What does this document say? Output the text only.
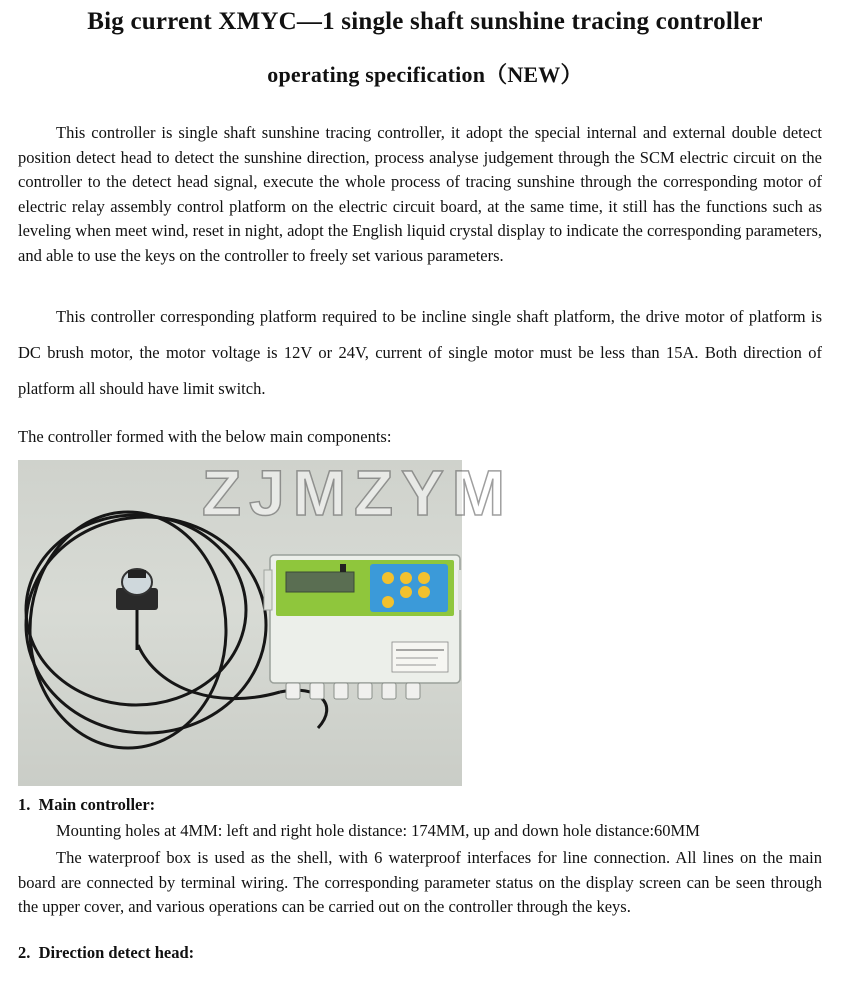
Big current XMYC—1 single shaft sunshine tracing controller
operating specification（NEW）

This controller is single shaft sunshine tracing controller, it adopt the special internal and external double detect position detect head to detect the sunshine direction, process analyse judgement through the SCM electric circuit on the controller to the detect head signal, execute the whole process of tracing sunshine through the corresponding motor of electric relay assembly control platform on the electric circuit board, at the same time, it still has the functions such as leveling when meet wind, reset in night, adopt the English liquid crystal display to indicate the corresponding parameters, and able to use the keys on the controller to freely set various parameters.

This controller corresponding platform required to be incline single shaft platform, the drive motor of platform is DC brush motor, the motor voltage is 12V or 24V, current of single motor must be less than 15A. Both direction of platform all should have limit switch.

The controller formed with the below main components:

ZJMZYM

1. Main controller:

Mounting holes at 4MM: left and right hole distance: 174MM, up and down hole distance:60MM

The waterproof box is used as the shell, with 6 waterproof interfaces for line connection. All lines on the main board are connected by terminal wiring. The corresponding parameter status on the display screen can be seen through the upper cover, and various operations can be carried out on the controller through the keys.

2. Direction detect head:
